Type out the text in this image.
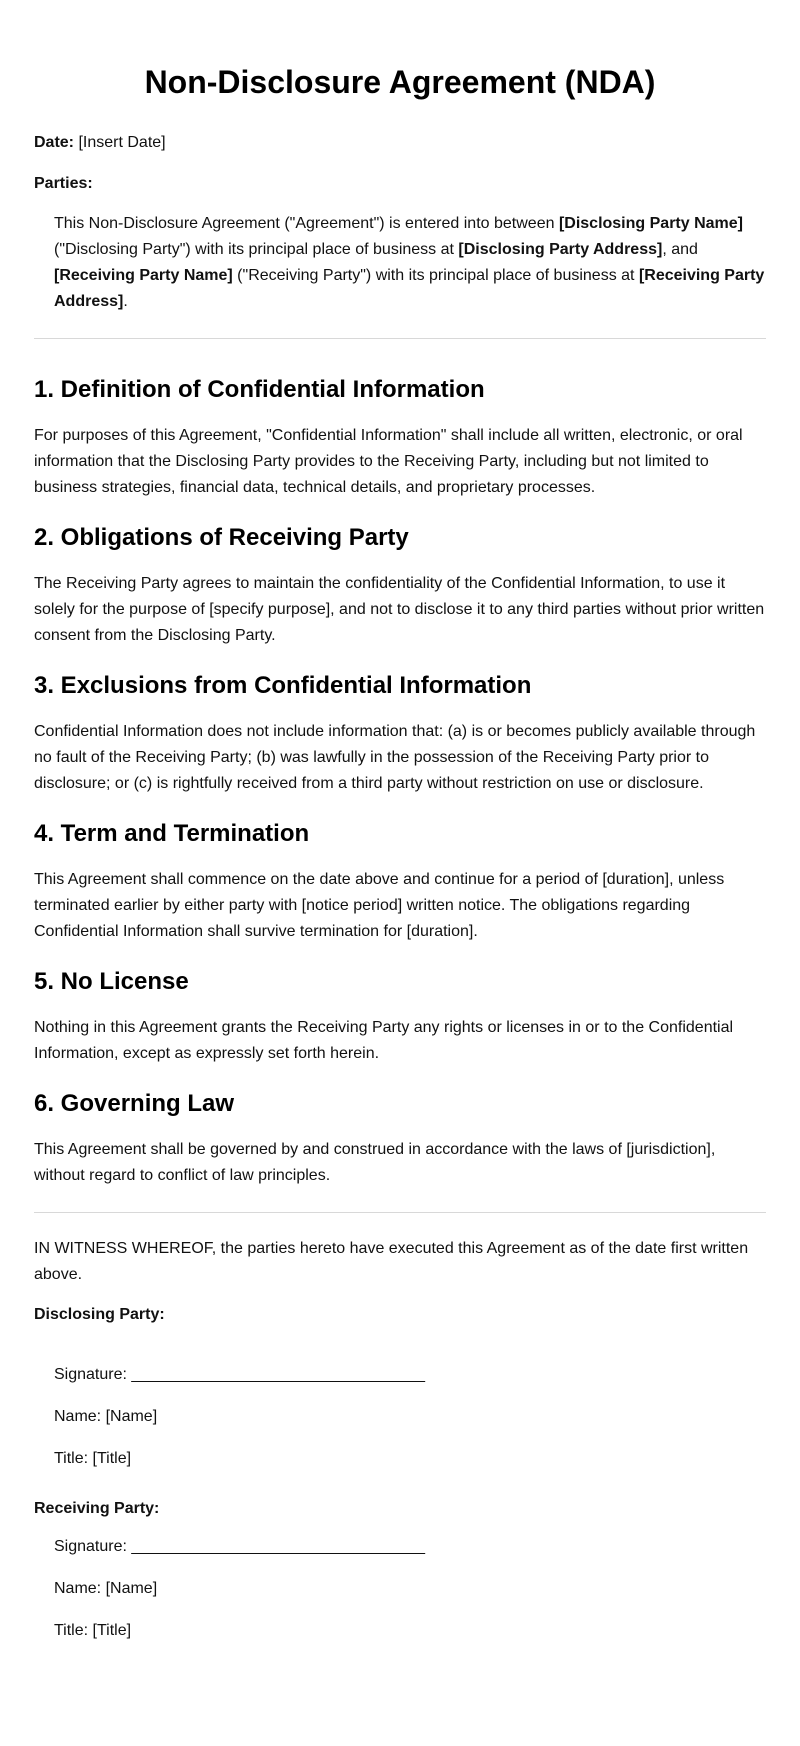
Non-Disclosure Agreement (NDA)

Date: [Insert Date]

Parties:

This Non-Disclosure Agreement ("Agreement") is entered into between [Disclosing Party Name] ("Disclosing Party") with its principal place of business at [Disclosing Party Address], and [Receiving Party Name] ("Receiving Party") with its principal place of business at [Receiving Party Address].

1. Definition of Confidential Information

For purposes of this Agreement, "Confidential Information" shall include all written, electronic, or oral information that the Disclosing Party provides to the Receiving Party, including but not limited to business strategies, financial data, technical details, and proprietary processes.

2. Obligations of Receiving Party

The Receiving Party agrees to maintain the confidentiality of the Confidential Information, to use it solely for the purpose of [specify purpose], and not to disclose it to any third parties without prior written consent from the Disclosing Party.

3. Exclusions from Confidential Information

Confidential Information does not include information that: (a) is or becomes publicly available through no fault of the Receiving Party; (b) was lawfully in the possession of the Receiving Party prior to disclosure; or (c) is rightfully received from a third party without restriction on use or disclosure.

4. Term and Termination

This Agreement shall commence on the date above and continue for a period of [duration], unless terminated earlier by either party with [notice period] written notice. The obligations regarding Confidential Information shall survive termination for [duration].

5. No License

Nothing in this Agreement grants the Receiving Party any rights or licenses in or to the Confidential Information, except as expressly set forth herein.

6. Governing Law

This Agreement shall be governed by and construed in accordance with the laws of [jurisdiction], without regard to conflict of law principles.

IN WITNESS WHEREOF, the parties hereto have executed this Agreement as of the date first written above.

Disclosing Party:

Signature: _________________________________

Name: [Name]

Title: [Title]

Receiving Party:

Signature: _________________________________

Name: [Name]

Title: [Title]
